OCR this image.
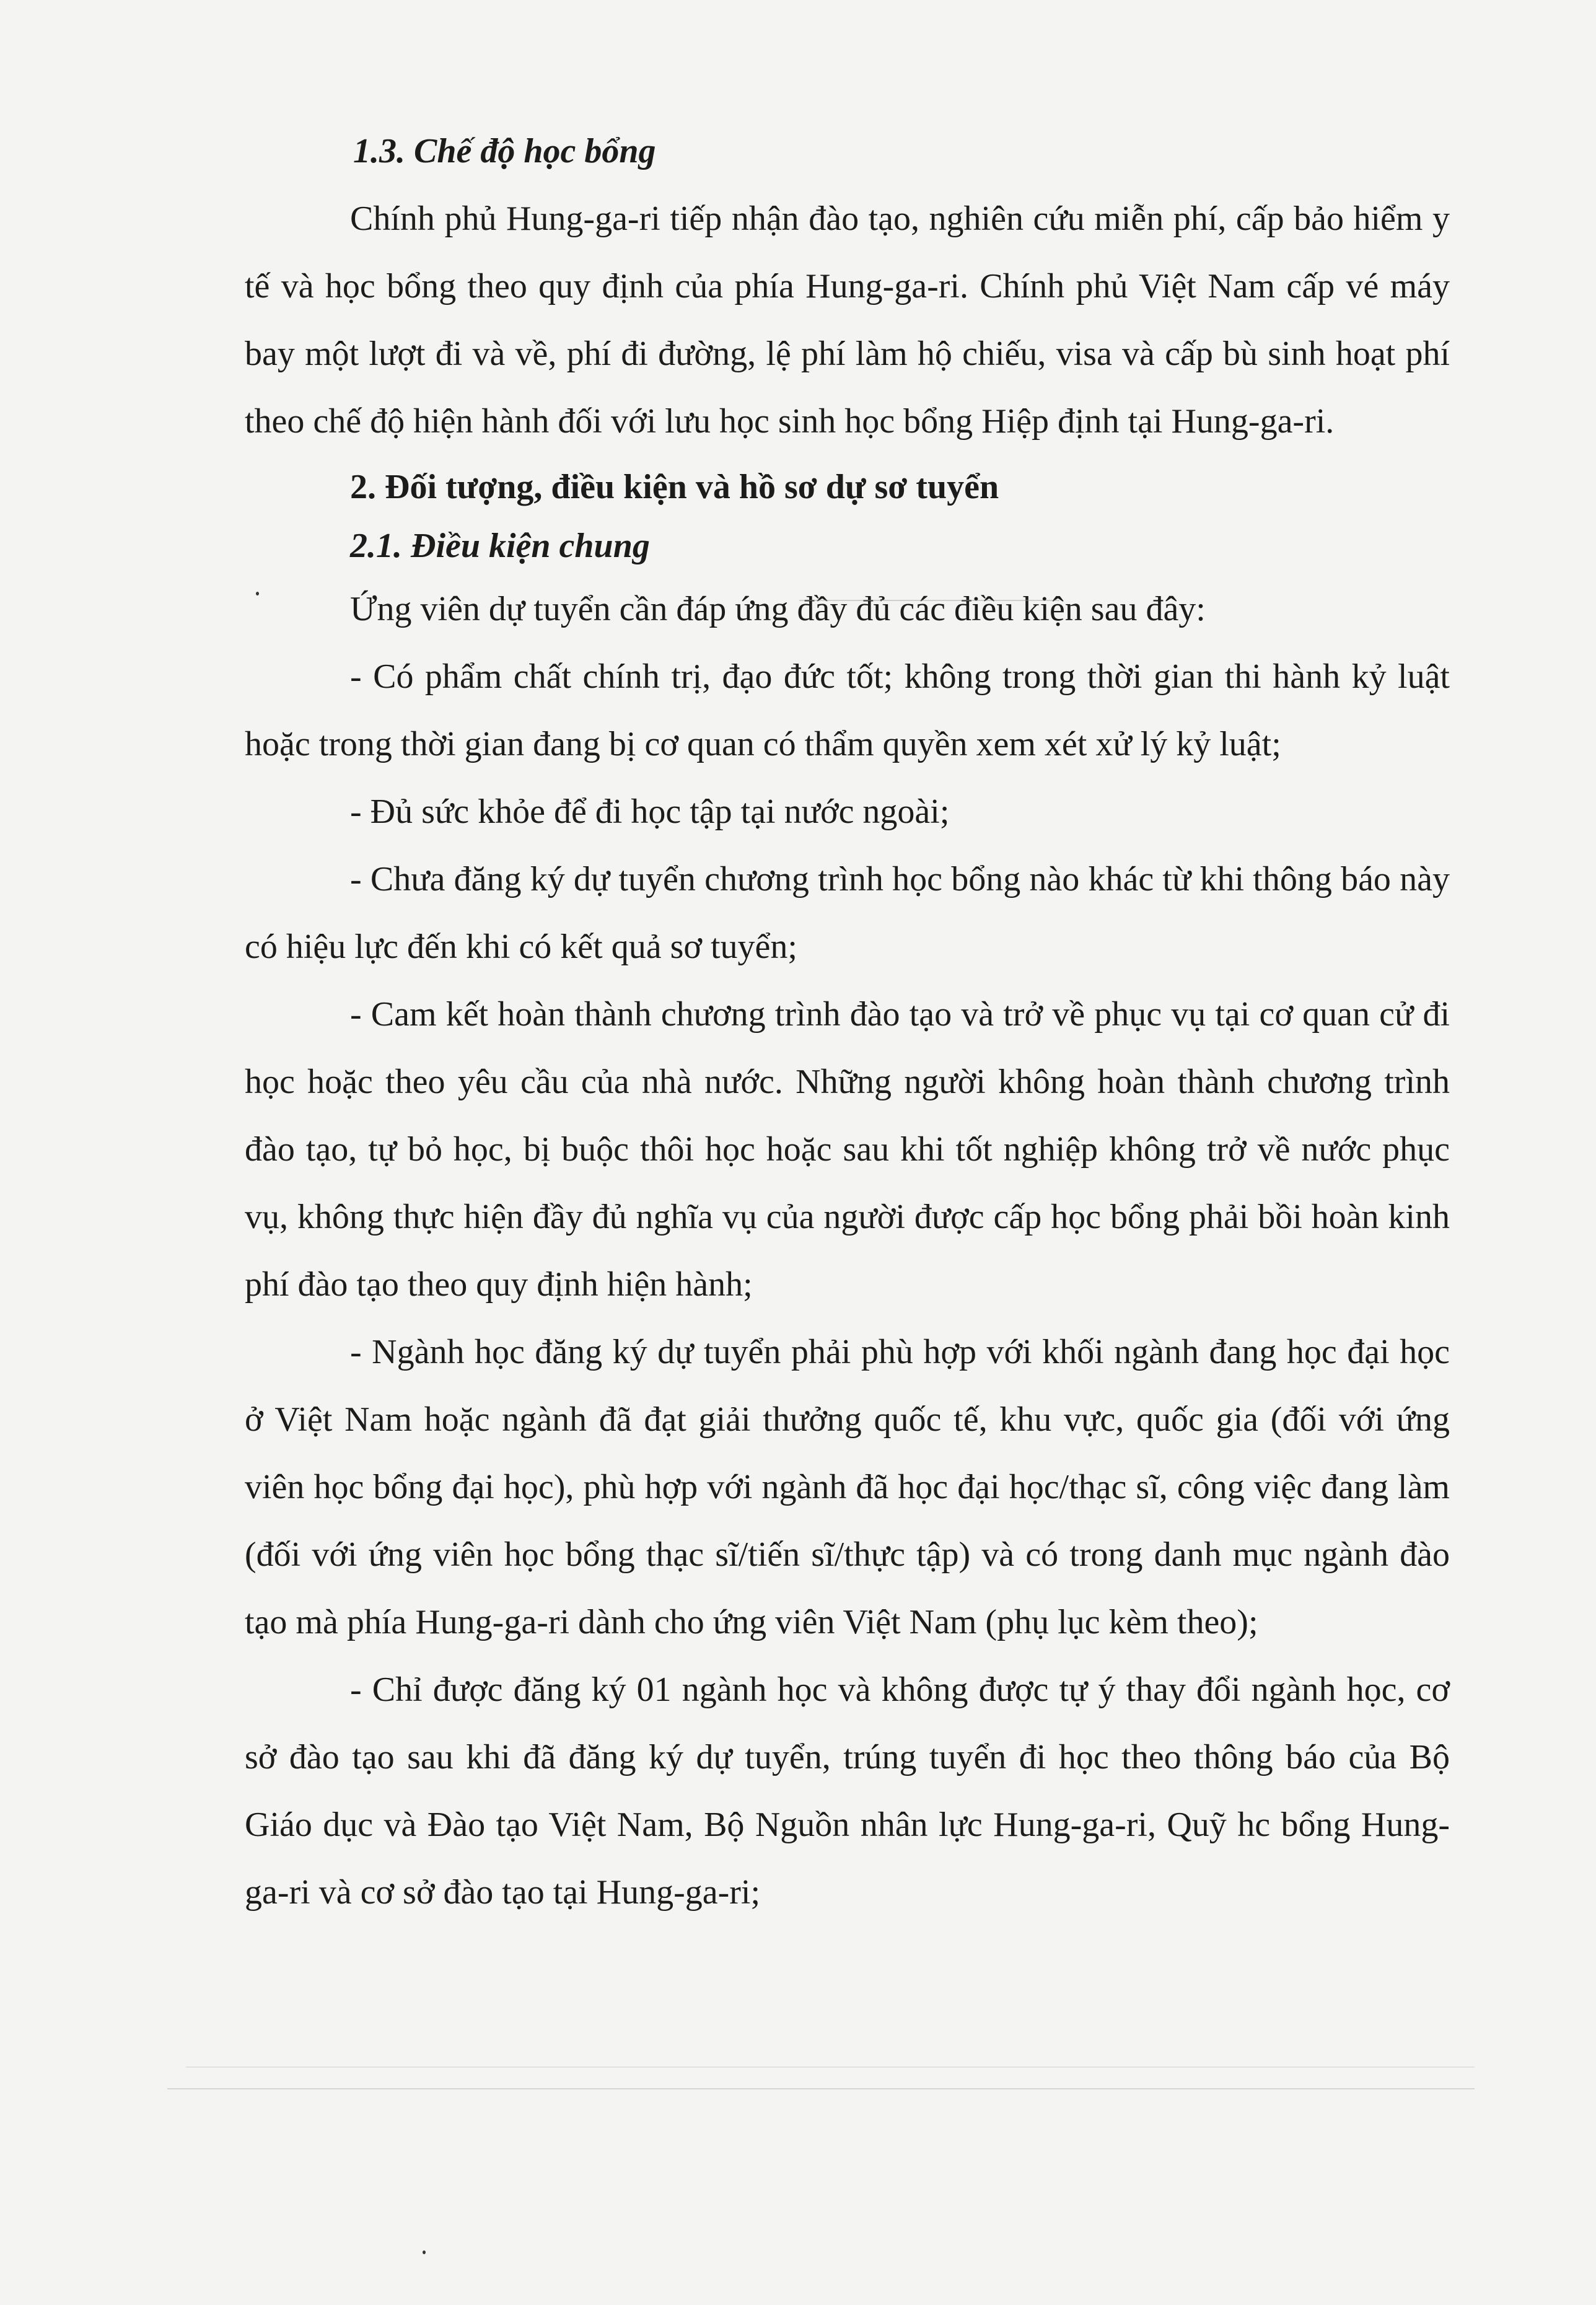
1.3. Chế độ học bổng

Chính phủ Hung-ga-ri tiếp nhận đào tạo, nghiên cứu miễn phí, cấp bảo hiểm y tế và học bổng theo quy định của phía Hung-ga-ri. Chính phủ Việt Nam cấp vé máy bay một lượt đi và về, phí đi đường, lệ phí làm hộ chiếu, visa và cấp bù sinh hoạt phí theo chế độ hiện hành đối với lưu học sinh học bổng Hiệp định tại Hung-ga-ri.

2. Đối tượng, điều kiện và hồ sơ dự sơ tuyển

2.1. Điều kiện chung

Ứng viên dự tuyển cần đáp ứng đầy đủ các điều kiện sau đây:

- Có phẩm chất chính trị, đạo đức tốt; không trong thời gian thi hành kỷ luật hoặc trong thời gian đang bị cơ quan có thẩm quyền xem xét xử lý kỷ luật;

- Đủ sức khỏe để đi học tập tại nước ngoài;

- Chưa đăng ký dự tuyển chương trình học bổng nào khác từ khi thông báo này có hiệu lực đến khi có kết quả sơ tuyển;

- Cam kết hoàn thành chương trình đào tạo và trở về phục vụ tại cơ quan cử đi học hoặc theo yêu cầu của nhà nước. Những người không hoàn thành chương trình đào tạo, tự bỏ học, bị buộc thôi học hoặc sau khi tốt nghiệp không trở về nước phục vụ, không thực hiện đầy đủ nghĩa vụ của người được cấp học bổng phải bồi hoàn kinh phí đào tạo theo quy định hiện hành;

- Ngành học đăng ký dự tuyển phải phù hợp với khối ngành đang học đại học ở Việt Nam hoặc ngành đã đạt giải thưởng quốc tế, khu vực, quốc gia (đối với ứng viên học bổng đại học), phù hợp với ngành đã học đại học/thạc sĩ, công việc đang làm (đối với ứng viên học bổng thạc sĩ/tiến sĩ/thực tập) và có trong danh mục ngành đào tạo mà phía Hung-ga-ri dành cho ứng viên Việt Nam (phụ lục kèm theo);

- Chỉ được đăng ký 01 ngành học và không được tự ý thay đổi ngành học, cơ sở đào tạo sau khi đã đăng ký dự tuyển, trúng tuyển đi học theo thông báo của Bộ Giáo dục và Đào tạo Việt Nam, Bộ Nguồn nhân lực Hung-ga-ri, Quỹ hc bổng Hung-ga-ri và cơ sở đào tạo tại Hung-ga-ri;
